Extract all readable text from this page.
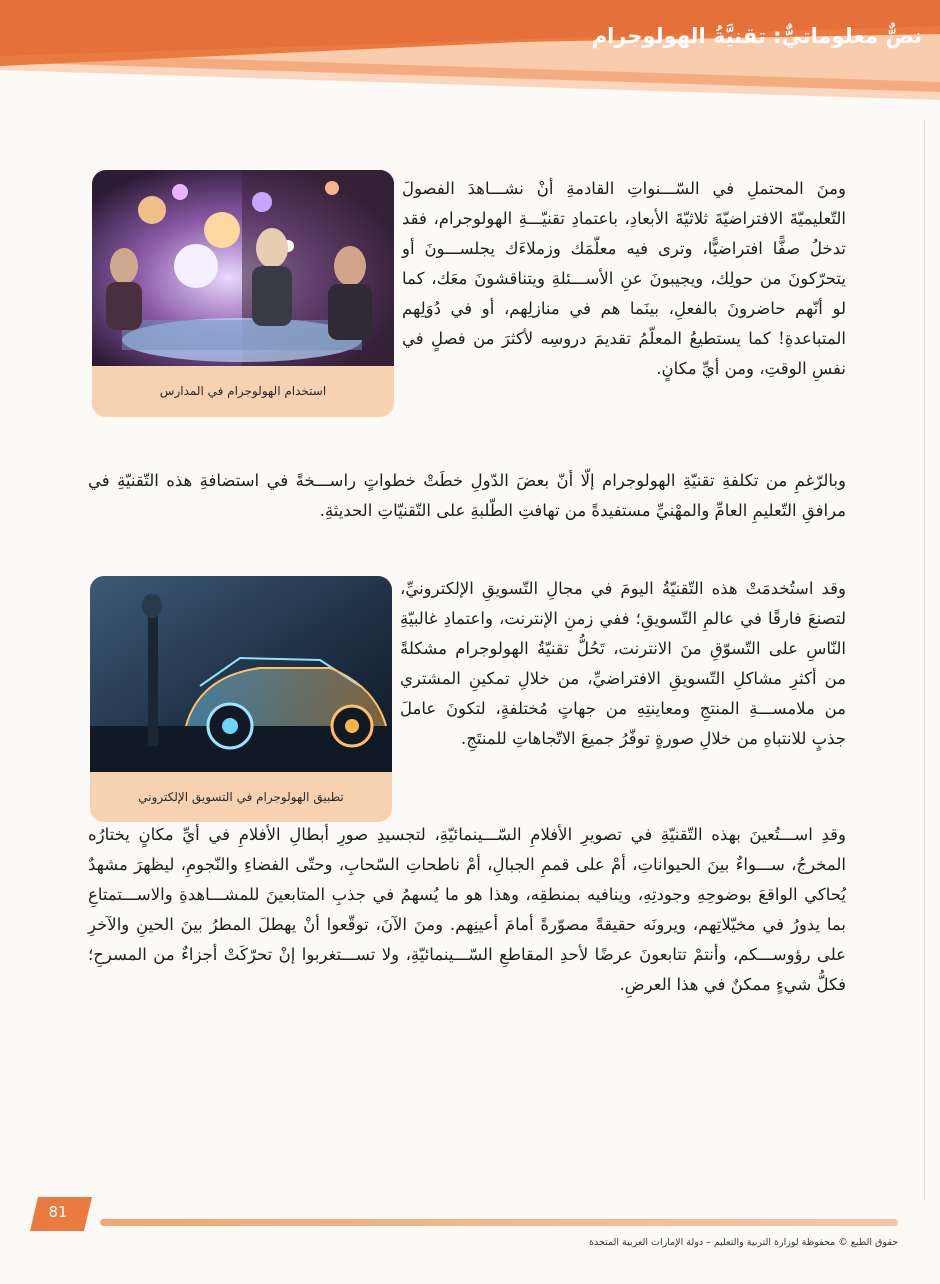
نصٌّ معلوماتيٌّ: تقنيَّةُ الهولوجرام
استخدام الهولوجرام في المدارس
ومنَ المحتملِ في السّـــنواتِ القادمةِ أنْ نشـــاهدَ الفصولَ التّعليميّةَ الافتراضيّةَ ثلاثيّةَ الأبعادِ، باعتمادِ تقنيّـــةِ الهولوجرام، فقد تدخلُ صفًّا افتراضيًّا، وترى فيه معلّمَك وزملاءَك يجلســـونَ أو يتحرّكونَ من حولِك، ويجيبونَ عنِ الأســـئلةِ ويتناقشونَ معَك، كما لو أنّهم حاضرونَ بالفعلِ، بينَما هم في منازلِهم، أو في دُوَلِهم المتباعدةِ! كما يستطيعُ المعلّمُ تقديمَ دروسِه لأكثرَ من فصلٍ في نفسِ الوقتِ، ومن أيِّ مكانٍ.
وبالرّغمِ من تكلفةِ تقنيّةِ الهولوجرام إلّا أنّ بعضَ الدّولِ خطَتْ خطواتٍ راســـخةً في استضافةِ هذه التّقنيّةِ في مرافقِ التّعليمِ العامِّ والمهْنيِّ مستفيدةً من تهافتِ الطّلبةِ على التّقنيّاتِ الحديثةِ.
تطبيق الهولوجرام في التسويق الإلكتروني
وقد استُخدمَتْ هذه التّقنيّةُ اليومَ في مجالِ التّسويقِ الإلكترونيِّ، لتصنعَ فارقًا في عالمِ التّسويقِ؛ ففي زمنِ الإنترنت، واعتمادِ غالبيّةِ النّاسِ على التّسوّقِ منَ الانترنت، تَحُلُّ تقنيّةُ الهولوجرام مشكلةً من أكثرِ مشاكلِ التّسويقِ الافتراضيِّ، من خلالِ تمكينِ المشتري من ملامســـةِ المنتجِ ومعاينتِهِ من جهاتٍ مُختلفةٍ، لتكونَ عاملَ جذبٍ للانتباهِ من خلالِ صورةٍ توفّرُ جميعَ الاتّجاهاتِ للمنتَجِ.
وقدِ اســـتُعينَ بهذه التّقنيّةِ في تصويرِ الأفلامِ السّـــينمائيّةِ، لتجسيدِ صورِ أبطالِ الأفلامِ في أيِّ مكانٍ يختارُه المخرجُ، ســـواءٌ بينَ الحيواناتِ، أمْ على قممِ الجبالِ، أمْ ناطحاتِ السّحابِ، وحتّى الفضاءِ والنّجومِ، ليظهرَ مشهدٌ يُحاكي الواقعَ بوضوحِهِ وجودتِهِ، وينافيه بمنطقِه، وهذا هو ما يُسهمُ في جذبِ المتابعينَ للمشـــاهدةِ والاســـتمتاعِ بما يدورُ في مخيّلاتِهم، ويرونَه حقيقةً مصوّرةً أمامَ أعينِهم. ومنَ الآنَ، توقّعوا أنْ يهطلَ المطرُ بينَ الحينِ والآخرِ على رؤوســـكم، وأنتمْ تتابعونَ عرضًا لأحدِ المقاطعِ السّـــينمائيّةِ، ولا تســـتغربوا إنْ تحرّكَتْ أجزاءٌ من المسرحِ؛ فكلُّ شيءٍ ممكنٌ في هذا العرضِ.
81
حقوق الطبع © محفوظة لوزارة التربية والتعليم – دولة الإمارات العربية المتحدة
